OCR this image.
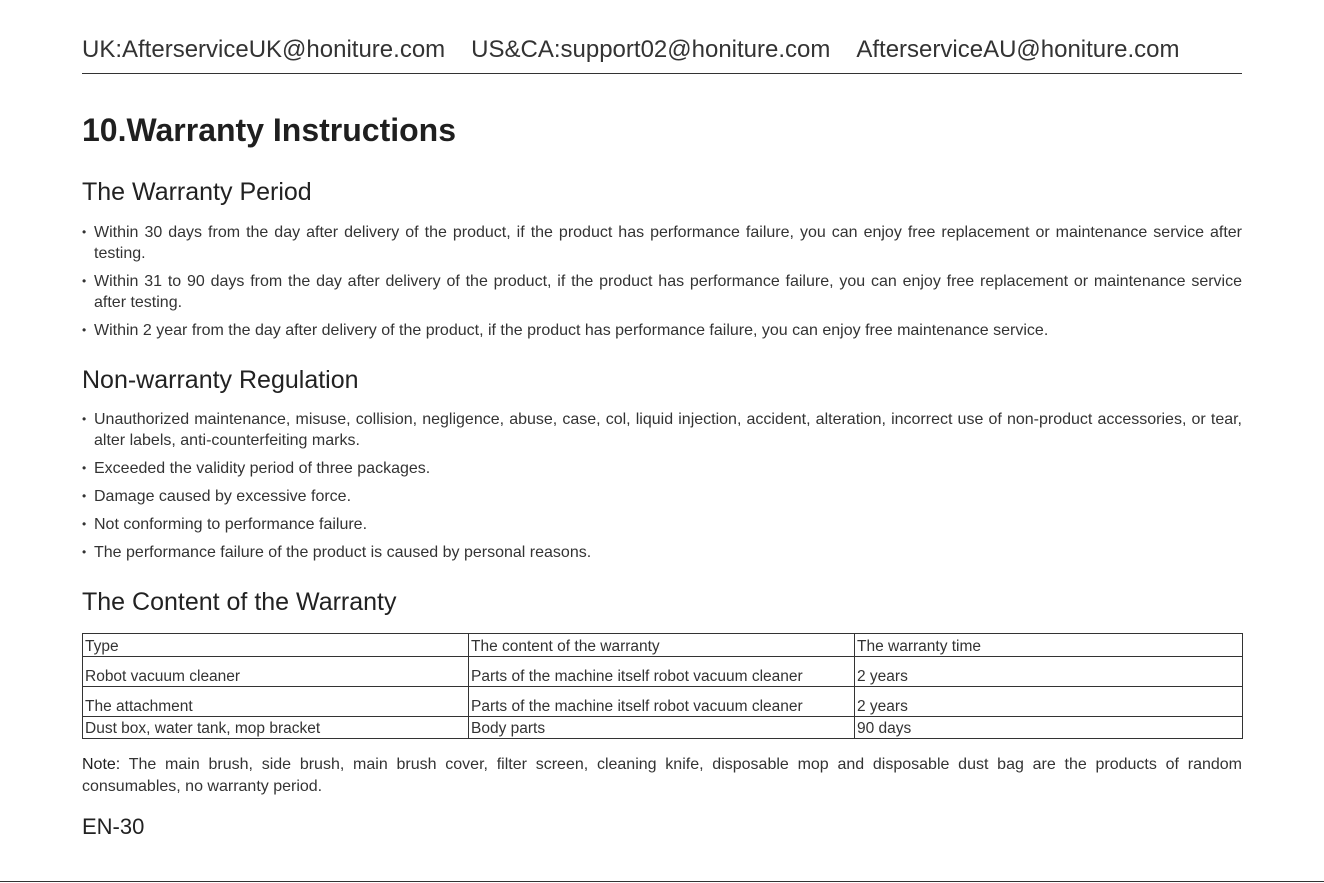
UK:AfterserviceUK@honiture.com US&CA:support02@honiture.com AfterserviceAU@honiture.com
10.Warranty Instructions
The Warranty Period
• Within 30 days from the day after delivery of the product, if the product has performance failure, you can enjoy free replacement or maintenance service after testing.
• Within 31 to 90 days from the day after delivery of the product, if the product has performance failure, you can enjoy free replacement or maintenance service after testing.
• Within 2 year from the day after delivery of the product, if the product has performance failure, you can enjoy free maintenance service.
Non-warranty Regulation
• Unauthorized maintenance, misuse, collision, negligence, abuse, case, col, liquid injection, accident, alteration, incorrect use of non-product accessories, or tear, alter labels, anti-counterfeiting marks.
• Exceeded the validity period of three packages.
• Damage caused by excessive force.
• Not conforming to performance failure.
• The performance failure of the product is caused by personal reasons.
The Content of the Warranty
Type	The content of the warranty	The warranty time
Robot vacuum cleaner	Parts of the machine itself robot vacuum cleaner	2 years
The attachment	Parts of the machine itself robot vacuum cleaner	2 years
Dust box, water tank, mop bracket	Body parts	90 days

Note: The main brush, side brush, main brush cover, filter screen, cleaning knife, disposable mop and disposable dust bag are the products of random consumables, no warranty period.

EN-30
